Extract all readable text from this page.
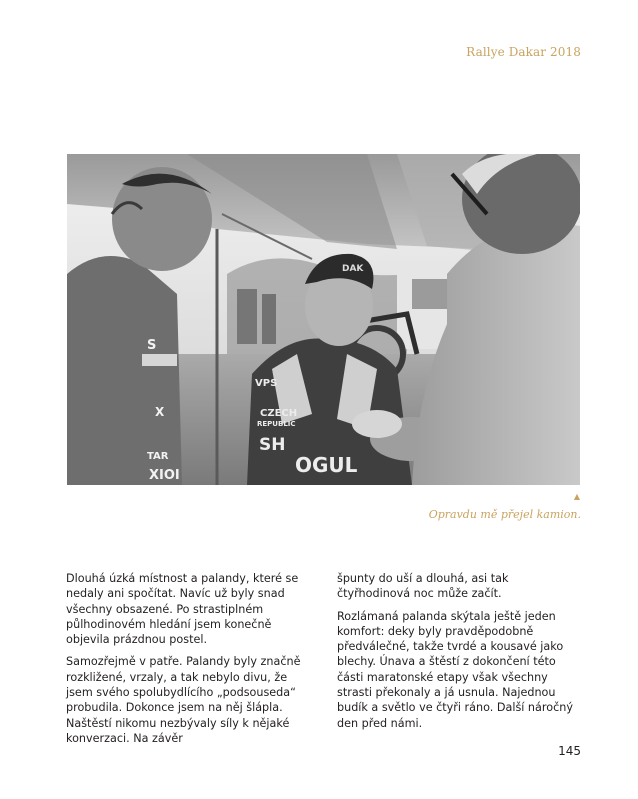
Rallye Dakar 2018
S
X
TAR
XIOI
DAK
VPS
CZECH
REPUBLIC
SH
OGUL
▲
Opravdu mě přejel kamion.

Dlouhá úzká místnost a palandy, které se nedaly ani spočítat. Navíc už byly snad všechny obsazené. Po strastiplném půlhodinovém hledání jsem konečně objevila prázdnou postel.

Samozřejmě v patře. Palandy byly značně rozkližené, vrzaly, a tak nebylo divu, že jsem svého spolubydlícího „podsouseda“ probudila. Dokonce jsem na něj šlápla. Naštěstí nikomu nezbývaly síly k nějaké konverzaci. Na závěr

špunty do uší a dlouhá, asi tak čtyřhodinová noc může začít.

Rozlámaná palanda skýtala ještě jeden komfort: deky byly pravděpodobně předválečné, takže tvrdé a kousavé jako blechy. Únava a štěstí z dokončení této části maratonské etapy však všechny strasti překonaly a já usnula. Najednou budík a světlo ve čtyři ráno. Další náročný den před námi.

145
